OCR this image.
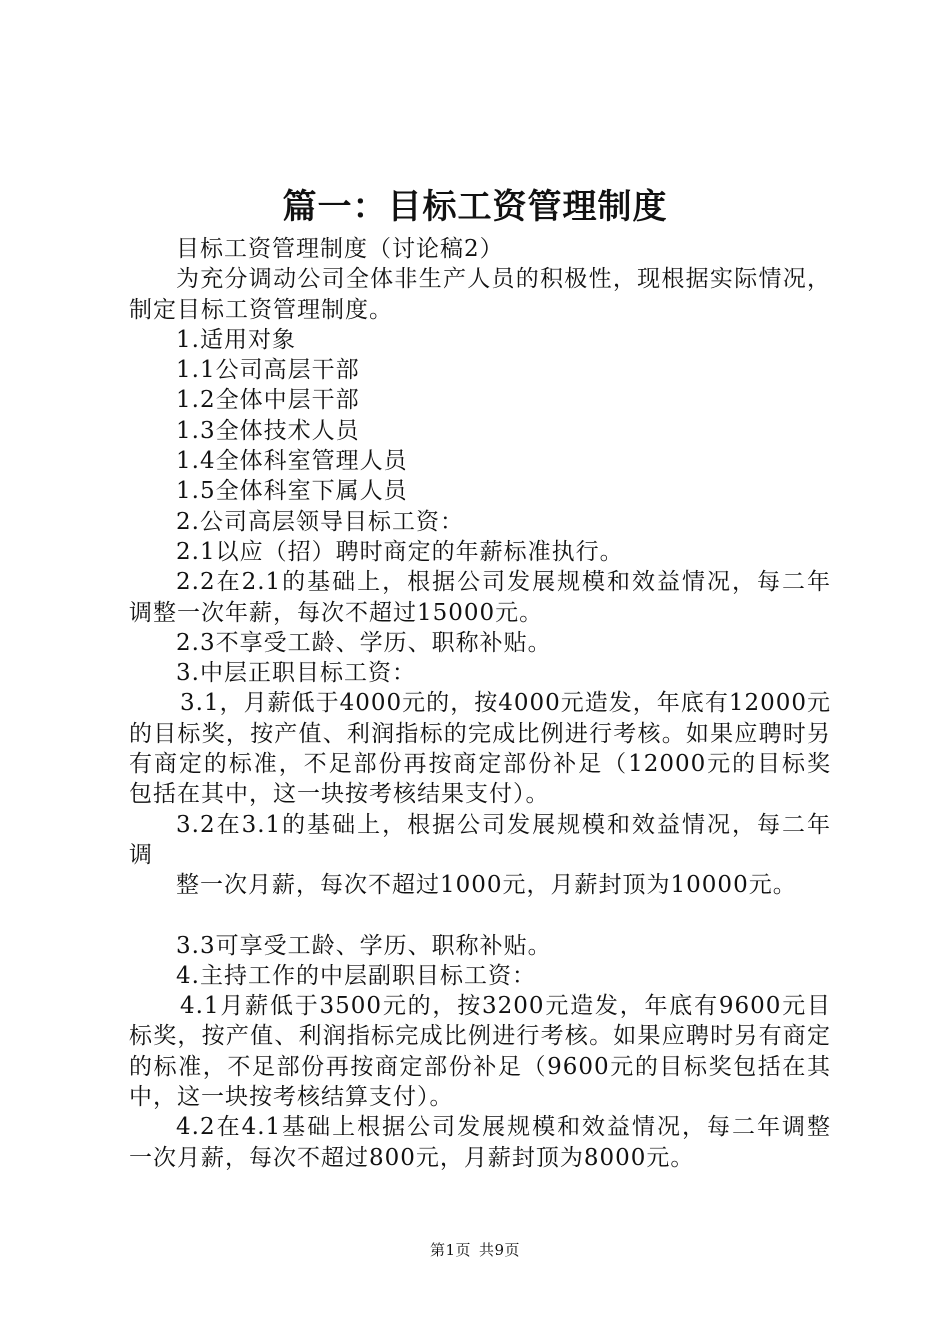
篇一：目标工资管理制度

目标工资管理制度（讨论稿2）

为充分调动公司全体非生产人员的积极性，现根据实际情况，制定目标工资管理制度。

1.适用对象

1.1公司高层干部

1.2全体中层干部

1.3全体技术人员

1.4全体科室管理人员

1.5全体科室下属人员

2.公司高层领导目标工资：

2.1以应（招）聘时商定的年薪标准执行。

2.2在2.1的基础上，根据公司发展规模和效益情况，每二年调整一次年薪，每次不超过15000元。

2.3不享受工龄、学历、职称补贴。

3.中层正职目标工资：

3.1，月薪低于4000元的，按4000元造发，年底有12000元的目标奖，按产值、利润指标的完成比例进行考核。如果应聘时另有商定的标准，不足部份再按商定部份补足（12000元的目标奖包括在其中，这一块按考核结果支付）。

3.2在3.1的基础上，根据公司发展规模和效益情况，每二年调

整一次月薪，每次不超过1000元，月薪封顶为10000元。

3.3可享受工龄、学历、职称补贴。

4.主持工作的中层副职目标工资：

4.1月薪低于3500元的，按3200元造发，年底有9600元目标奖，按产值、利润指标完成比例进行考核。如果应聘时另有商定的标准，不足部份再按商定部份补足（9600元的目标奖包括在其中，这一块按考核结算支付）。

4.2在4.1基础上根据公司发展规模和效益情况，每二年调整一次月薪，每次不超过800元，月薪封顶为8000元。

第1页 共9页
